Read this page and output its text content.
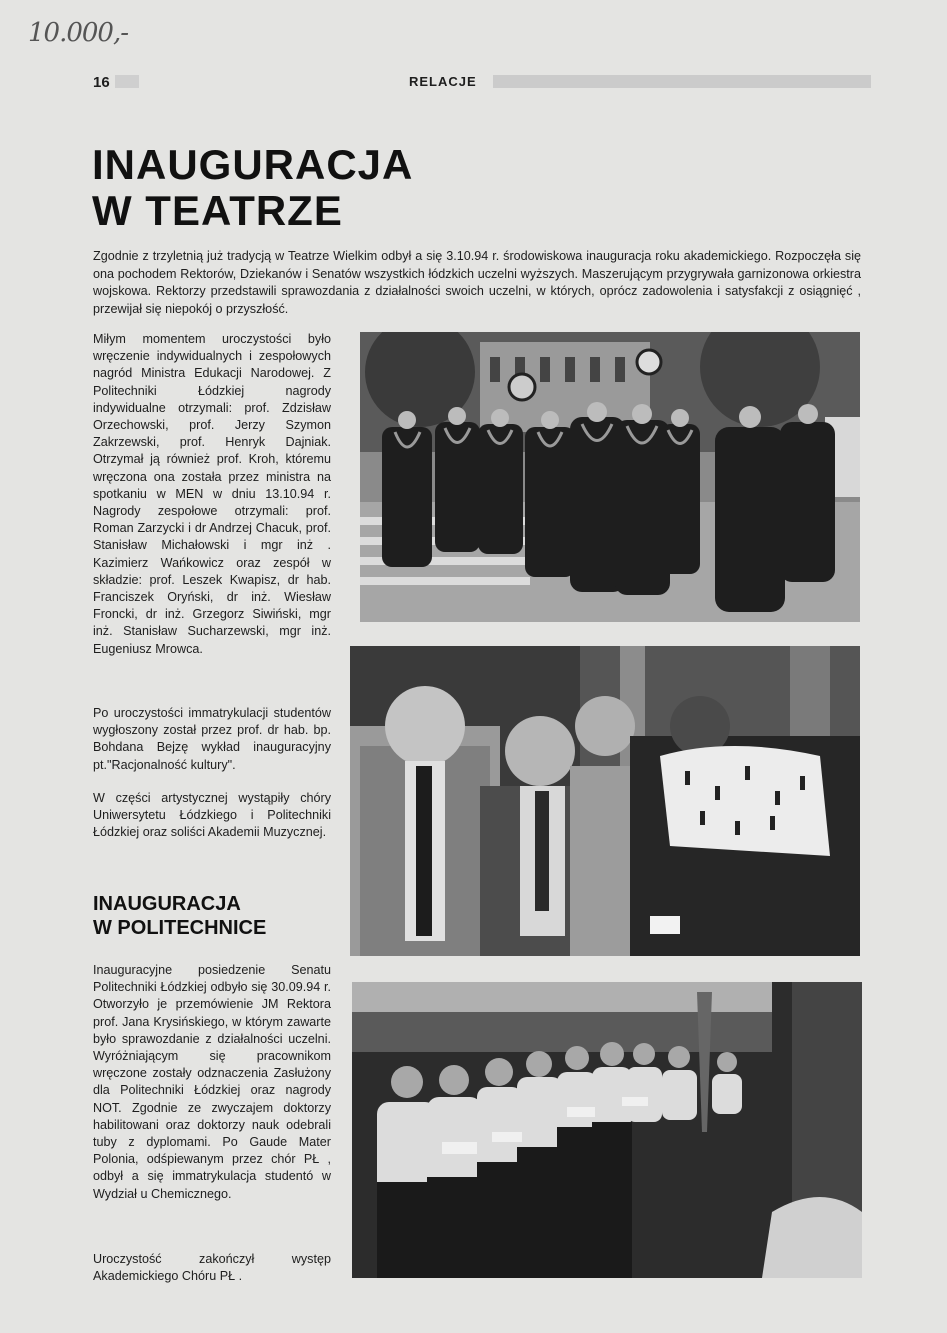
10.000,-
16	RELACJE
INAUGURACJA
W TEATRZE

Zgodnie z trzyletnią już tradycją w Teatrze Wielkim odbył a się 3.10.94 r. środowiskowa inauguracja roku akademickiego. Rozpoczęła się ona pochodem Rektorów, Dziekanów i Senatów wszystkich łódzkich uczelni wyższych. Maszerującym przygrywała garnizonowa orkiestra wojskowa. Rektorzy przedstawili sprawozdania z działalności swoich uczelni, w których, oprócz zadowolenia i satysfakcji z osiągnięć , przewijał się niepokój o przyszłość.

Miłym momentem uroczystości było wręczenie indywidualnych i zespołowych nagród Ministra Edukacji Narodowej. Z Politechniki Łódzkiej nagrody indywidualne otrzymali: prof. Zdzisław Orzechowski, prof. Jerzy Szymon Zakrzewski, prof. Henryk Dajniak. Otrzymał ją również prof. Kroh, któremu wręczona ona została przez ministra na spotkaniu w MEN w dniu 13.10.94 r. Nagrody zespołowe otrzymali: prof. Roman Zarzycki i dr Andrzej Chacuk, prof. Stanisław Michałowski i mgr inż . Kazimierz Wańkowicz oraz zespół w składzie: prof. Leszek Kwapisz, dr hab. Franciszek Oryński, dr inż. Wiesław Froncki, dr inż. Grzegorz Siwiński, mgr inż. Stanisław Sucharzewski, mgr inż. Eugeniusz Mrowca.

Po uroczystości immatrykulacji studentów wygłoszony został przez prof. dr hab. bp. Bohdana Bejzę wykład inauguracyjny pt."Racjonalność kultury".

W części artystycznej wystąpiły chóry Uniwersytetu Łódzkiego i Politechniki Łódzkiej oraz soliści Akademii Muzycznej.

INAUGURACJA
W POLITECHNICE

Inauguracyjne posiedzenie Senatu Politechniki Łódzkiej odbyło się 30.09.94 r. Otworzyło je przemówienie JM Rektora prof. Jana Krysińskiego, w którym zawarte było sprawozdanie z działalności uczelni. Wyróżniającym się pracownikom wręczone zostały odznaczenia Zasłużony dla Politechniki Łódzkiej oraz nagrody NOT. Zgodnie ze zwyczajem doktorzy habilitowani oraz doktorzy nauk odebrali tuby z dyplomami. Po Gaude Mater Polonia, odśpiewanym przez chór PŁ , odbył a się immatrykulacja studentó w Wydział u Chemicznego.

Uroczystość zakończył występ Akademickiego Chóru PŁ .
